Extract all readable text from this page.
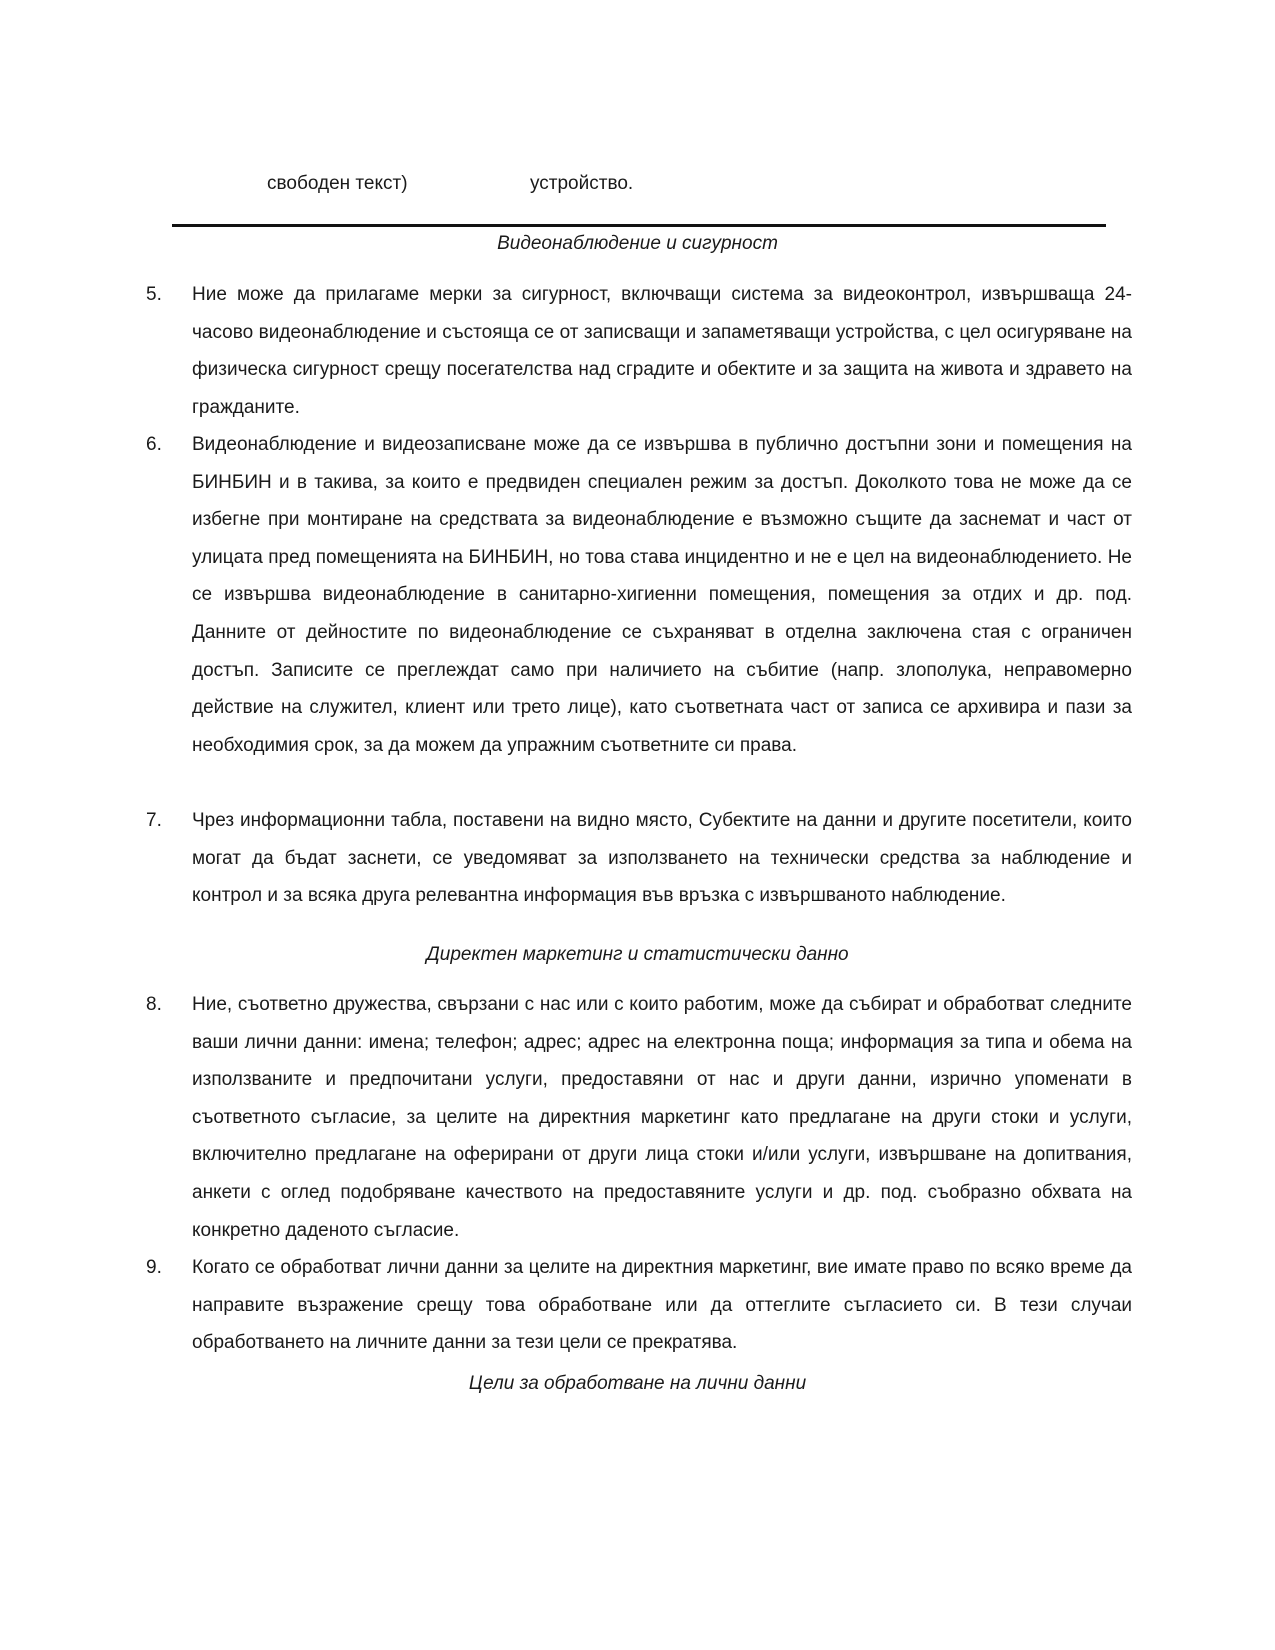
свободен текст)	устройство.
Видеонаблюдение и сигурност
5. Ние може да прилагаме мерки за сигурност, включващи система за видеоконтрол, извършваща 24-часово видеонаблюдение и състояща се от записващи и запаметяващи устройства, с цел осигуряване на физическа сигурност срещу посегателства над сградите и обектите и за защита на живота и здравето на гражданите.
6. Видеонаблюдение и видеозаписване може да се извършва в публично достъпни зони и помещения на БИНБИН и в такива, за които е предвиден специален режим за достъп. Доколкото това не може да се избегне при монтиране на средствата за видеонаблюдение е възможно същите да заснемат и част от улицата пред помещенията на БИНБИН, но това става инцидентно и не е цел на видеонаблюдението. Не се извършва видеонаблюдение в санитарно-хигиенни помещения, помещения за отдих и др. под. Данните от дейностите по видеонаблюдение се съхраняват в отделна заключена стая с ограничен достъп. Записите се преглеждат само при наличието на събитие (напр. злополука, неправомерно действие на служител, клиент или трето лице), като съответната част от записа се архивира и пази за необходимия срок, за да можем да упражним съответните си права.
7. Чрез информационни табла, поставени на видно място, Субектите на данни и другите посетители, които могат да бъдат заснети, се уведомяват за използването на технически средства за наблюдение и контрол и за всяка друга релевантна информация във връзка с извършваното наблюдение.
Директен маркетинг и статистически данно
8. Ние, съответно дружества, свързани с нас или с които работим, може да събират и обработват следните ваши лични данни: имена; телефон; адрес; адрес на електронна поща; информация за типа и обема на използваните и предпочитани услуги, предоставяни от нас и други данни, изрично упоменати в съответното съгласие, за целите на директния маркетинг като предлагане на други стоки и услуги, включително предлагане на оферирани от други лица стоки и/или услуги, извършване на допитвания, анкети с оглед подобряване качеството на предоставяните услуги и др. под. съобразно обхвата на конкретно даденото съгласие.
9. Когато се обработват лични данни за целите на директния маркетинг, вие имате право по всяко време да направите възражение срещу това обработване или да оттеглите съгласието си. В тези случаи обработването на личните данни за тези цели се прекратява.
Цели за обработване на лични данни
